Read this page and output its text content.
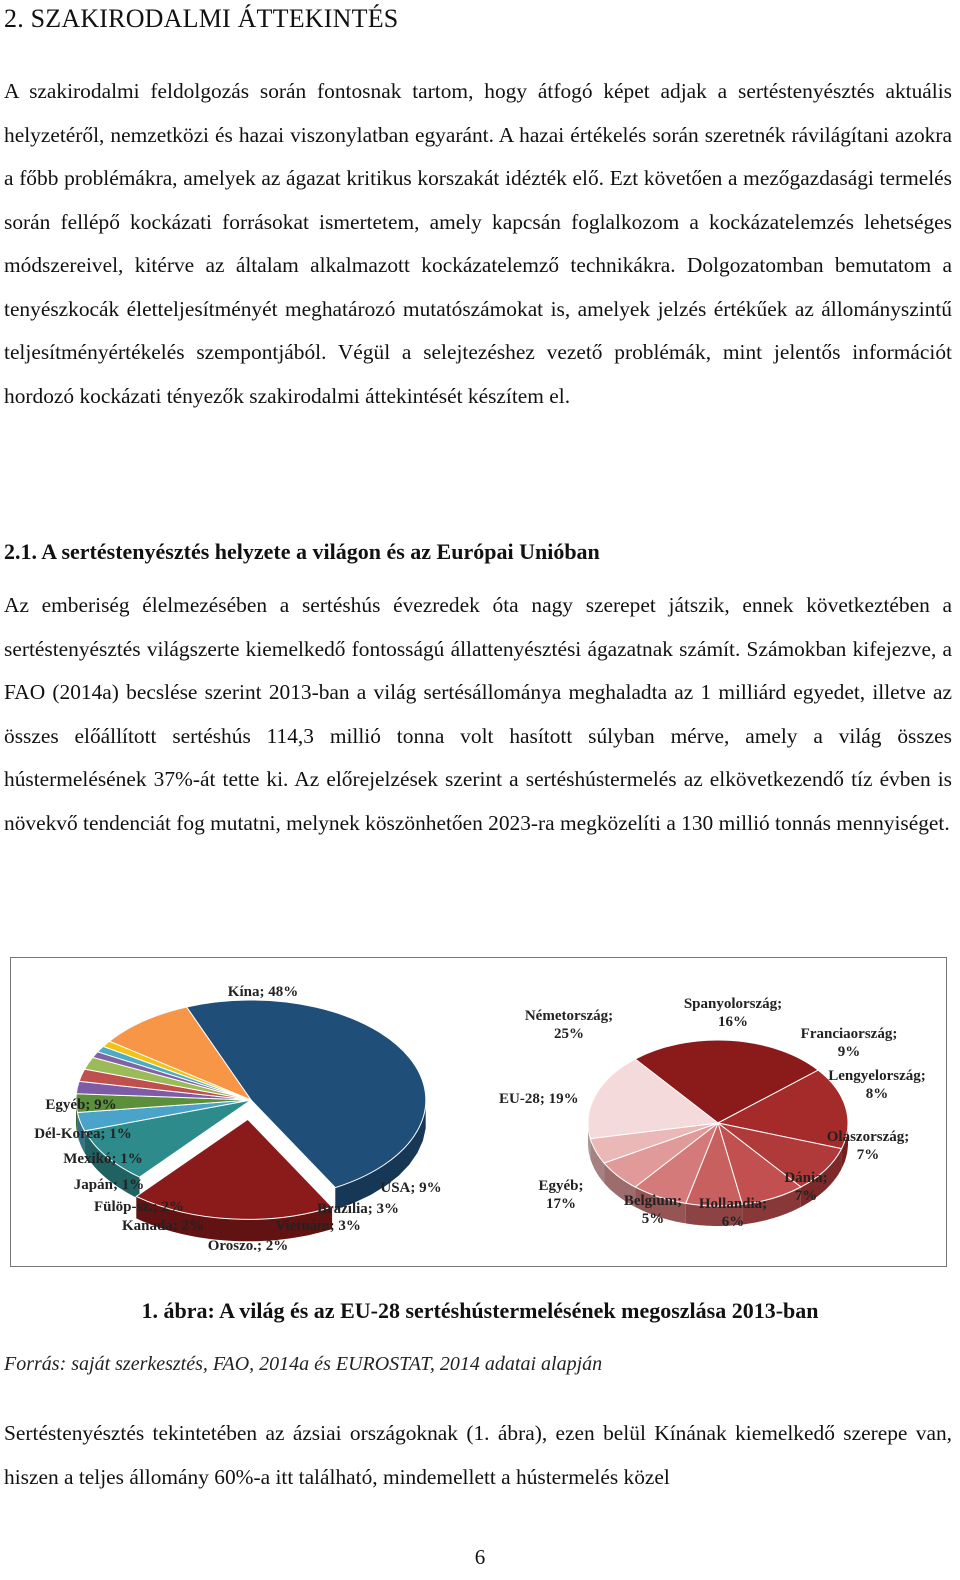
2. SZAKIRODALMI ÁTTEKINTÉS

A szakirodalmi feldolgozás során fontosnak tartom, hogy átfogó képet adjak a sertéstenyésztés aktuális helyzetéről, nemzetközi és hazai viszonylatban egyaránt. A hazai értékelés során szeretnék rávilágítani azokra a főbb problémákra, amelyek az ágazat kritikus korszakát idézték elő. Ezt követően a mezőgazdasági termelés során fellépő kockázati forrásokat ismertetem, amely kapcsán foglalkozom a kockázatelemzés lehetséges módszereivel, kitérve az általam alkalmazott kockázatelemző technikákra. Dolgozatomban bemutatom a tenyészkocák életteljesítményét meghatározó mutatószámokat is, amelyek jelzés értékűek az állományszintű teljesítményértékelés szempontjából. Végül a selejtezéshez vezető problémák, mint jelentős információt hordozó kockázati tényezők szakirodalmi áttekintését készítem el.

2.1. A sertéstenyésztés helyzete a világon és az Európai Unióban

Az emberiség élelmezésében a sertéshús évezredek óta nagy szerepet játszik, ennek következtében a sertéstenyésztés világszerte kiemelkedő fontosságú állattenyésztési ágazatnak számít. Számokban kifejezve, a FAO (2014a) becslése szerint 2013-ban a világ sertésállománya meghaladta az 1 milliárd egyedet, illetve az összes előállított sertéshús 114,3 millió tonna volt hasított súlyban mérve, amely a világ összes hústermelésének 37%-át tette ki. Az előrejelzések szerint a sertéshústermelés az elkövetkezendő tíz évben is növekvő tendenciát fog mutatni, melynek köszönhetően 2023-ra megközelíti a 130 millió tonnás mennyiséget.

Kína; 48%
EU-28; 19%
USA; 9%
Brazília; 3%
Vietnám; 3%
Oroszo.; 2%
Kanada; 2%
Fülöp-sz.; 2%
Japán; 1%
Mexikó; 1%
Dél-Korea; 1%
Egyéb; 9%
Németország; 25%
Spanyolország; 16%
Franciaország; 9%
Lengyelország; 8%
Olaszország; 7%
Dánia; 7%
Hollandia; 6%
Belgium; 5%
Egyéb; 17%

1. ábra: A világ és az EU-28 sertéshústermelésének megoszlása 2013-ban

Forrás: saját szerkesztés, FAO, 2014a és EUROSTAT, 2014 adatai alapján

Sertéstenyésztés tekintetében az ázsiai országoknak (1. ábra), ezen belül Kínának kiemelkedő szerepe van, hiszen a teljes állomány 60%-a itt található, mindemellett a hústermelés közel

6
